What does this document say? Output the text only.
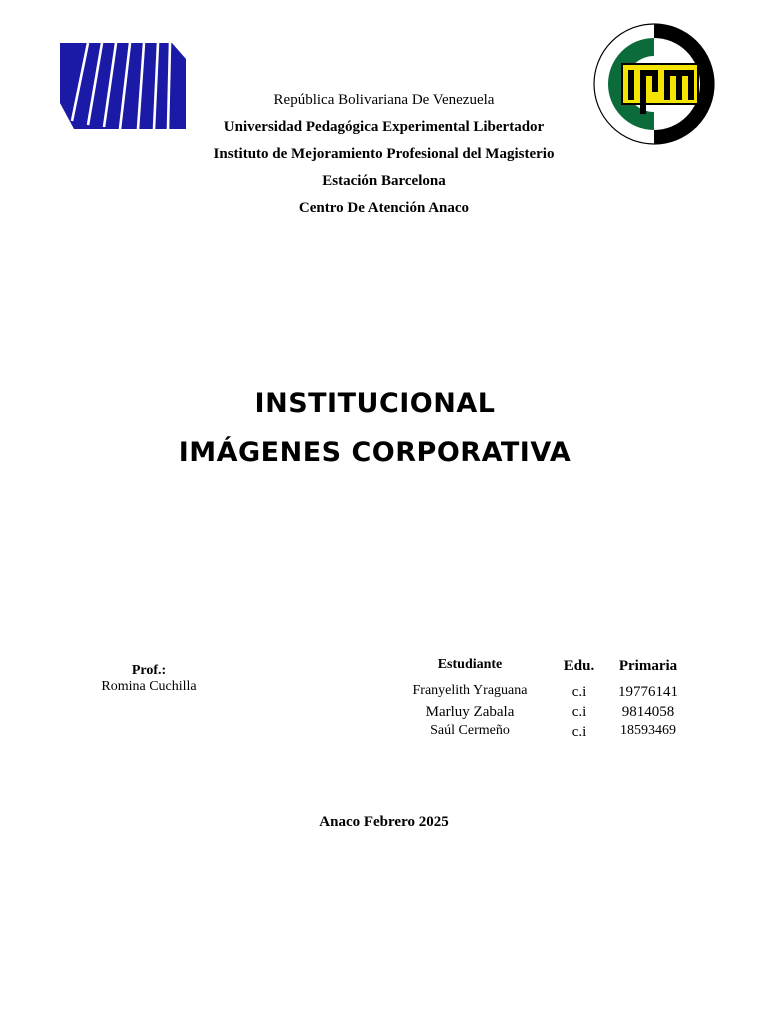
República Bolivariana De Venezuela
Universidad Pedagógica Experimental Libertador
Instituto de Mejoramiento Profesional del Magisterio
Estación Barcelona
Centro De Atención Anaco
INSTITUCIONAL
IMÁGENES CORPORATIVA
Prof.:
Romina Cuchilla
Estudiante	Edu.	Primaria
Franyelith Yraguana	c.i	19776141
Marluy Zabala	c.i	9814058
Saúl Cermeño	c.i	18593469
Anaco Febrero 2025
